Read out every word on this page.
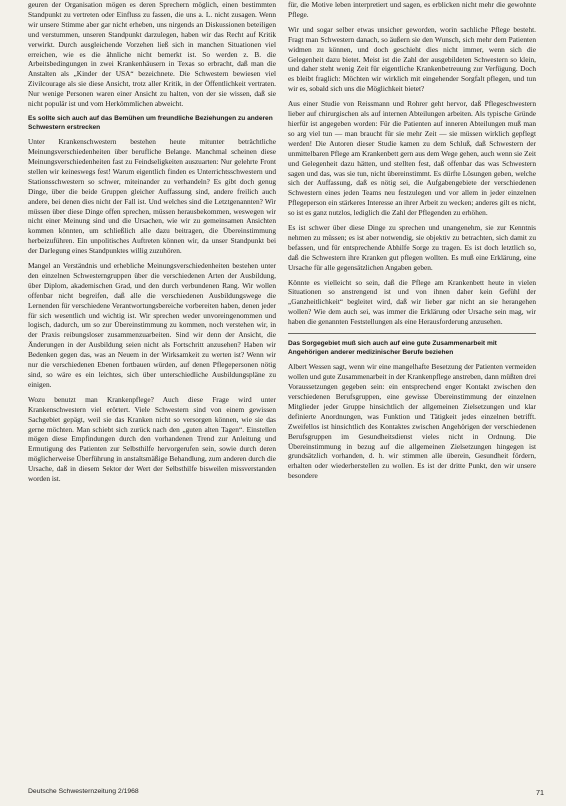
geuren der Organisation mögen es deren Sprechern möglich, einen bestimmten Standpunkt zu vertreten oder Einfluss zu fassen, die uns a. L. nicht zusagen. Wenn wir unsere Stimme aber gar nicht erheben, uns nirgends an Diskussionen beteiligen und verstummen, unseren Standpunkt darzulegen, haben wir das Recht auf Kritik verwirkt. Durch ausgleichende Vorzehen ließ sich in manchen Situationen viel erreichen, wie es die ähnliche nicht bemerkt ist. So werden z. B. die Arbeitsbedingungen in zwei Krankenhäusern in Texas so erbracht, daß man die Anstalten als „Kinder der USA“ bezeichnete. Die Schwestern bewiesen viel Zivilcourage als sie diese Ansicht, trotz aller Kritik, in der Öffentlichkeit vertraten. Nur wenige Personen waren einer Ansicht zu halten, von der sie wissen, daß sie nicht populär ist und vom Herkömmlichen abweicht.

Es sollte sich auch auf das Bemühen um freundliche Beziehungen zu anderen Schwestern erstrecken

Unter Krankenschwestern bestehen heute mitunter beträchtliche Meinungsverschiedenheiten über berufliche Belange. Manchmal scheinen diese Meinungsverschiedenheiten fast zu Feindseligkeiten auszuarten: Nur gelehrte Front stellen wir keineswegs fest! Warum eigentlich finden es Unterrichtsschwestern und Stationsschwestern so schwer, miteinander zu verhandeln? Es gibt doch genug Dinge, über die beide Gruppen gleicher Auffassung sind, andere freilich auch andere, bei denen dies nicht der Fall ist. Und welches sind die Letztgenannten? Wir müssen über diese Dinge offen sprechen, müssen herausbekommen, weswegen wir nicht einer Meinung sind und die Ursachen, wie wir zu gemeinsamen Ansichten kommen könnten, um schließlich alle dazu beitragen, die Übereinstimmung herbeizuführen. Ein unpolitisches Auftreten können wir, da unser Standpunkt bei der Darlegung eines Standpunktes willig zuzuhören.

Mangel an Verständnis und erhebliche Meinungsverschiedenheiten bestehen unter den einzelnen Schwesterngruppen über die verschiedenen Arten der Ausbildung, über Diplom, akademischen Grad, und den durch verbundenen Rang. Wir wollen offenbar nicht begreifen, daß alle die verschiedenen Ausbildungswege die Lernenden für verschiedene Verantwortungsbereiche vorbereiten haben, denen jeder für sich wesentlich und wichtig ist. Wir sprechen weder unvoreingenommen und logisch, dadurch, um so zur Übereinstimmung zu kommen, noch verstehen wir, in der Praxis reibungsloser zusammenzuarbeiten. Sind wir denn der Ansicht, die Änderungen in der Ausbildung seien nicht als Fortschritt anzusehen? Haben wir Bedenken gegen das, was an Neuem in der Wirksamkeit zu werten ist? Wenn wir nur die verschiedenen Ebenen fortbauen würden, auf denen Pflegepersonen nötig sind, so wäre es ein leichtes, sich über unterschiedliche Ausbildungspläne zu einigen.

Wozu benutzt man Krankenpflege? Auch diese Frage wird unter Krankenschwestern viel erörtert. Viele Schwestern sind von einem gewissen Sachgebiet gepägt, weil sie das Kranken nicht so versorgen können, wie sie das gerne möchten. Man schiebt sich zurück nach den „guten alten Tagen“. Einstellen mögen diese Empfindungen durch den vorhandenen Trend zur Anleitung und Ermutigung des Patienten zur Selbsthilfe hervorgerufen sein, sowie durch deren möglicherweise Überführung in anstaltsmäßige Behandlung, zum anderen durch die Ursache, daß in diesem Sektor der Wert der Selbsthilfe bisweilen missverstanden worden ist.

für, die Motive leben interpretiert und sagen, es erblicken nicht mehr die gewohnte Pflege.

Wir und sogar selber etwas unsicher geworden, worin sachliche Pflege besteht. Fragt man Schwestern danach, so äußern sie den Wunsch, sich mehr dem Patienten widmen zu können, und doch geschieht dies nicht immer, wenn sich die Gelegenheit dazu bietet. Meist ist die Zahl der ausgebildeten Schwestern so klein, und daher steht wenig Zeit für eigentliche Krankenbetreuung zur Verfügung. Doch es bleibt fraglich: Möchten wir wirklich mit eingehender Sorgfalt pflegen, und tun wir es, sobald sich uns die Möglichkeit bietet?

Aus einer Studie von Reissmann und Rohrer geht hervor, daß Pflegeschwestern lieber auf chirurgischen als auf internen Abteilungen arbeiten. Als typische Gründe hierfür ist angegeben worden: Für die Patienten auf inneren Abteilungen muß man so arg viel tun — man braucht für sie mehr Zeit — sie müssen wirklich gepflegt werden! Die Autoren dieser Studie kamen zu dem Schluß, daß Schwestern der unmittelbaren Pflege am Krankenbett gern aus dem Wege gehen, auch wenn sie Zeit und Gelegenheit dazu hätten, und stellten fest, daß offenbar das was Schwestern sagen und das, was sie tun, nicht übereinstimmt. Es dürfte Lösungen geben, welche sich der Auffassung, daß es nötig sei, die Aufgabengebiete der verschiedenen Schwestern eines jeden Teams neu festzulegen und vor allem in jeder einzelnen Pflegeperson ein stärkeres Interesse an ihrer Arbeit zu wecken; anderes gilt es nicht, so ist es ganz nutzlos, lediglich die Zahl der Pflegenden zu erhöhen.

Es ist schwer über diese Dinge zu sprechen und unangenehm, sie zur Kenntnis nehmen zu müssen; es ist aber notwendig, sie objektiv zu betrachten, sich damit zu befassen, und für entsprechende Abhilfe Sorge zu tragen. Es ist doch letztlich so, daß die Schwestern ihre Kranken gut pflegen wollten. Es muß eine Erklärung, eine Ursache für alle gegensätzlichen Angaben geben.

Könnte es vielleicht so sein, daß die Pflege am Krankenbett heute in vielen Situationen so anstrengend ist und von ihnen daher kein Gefühl der „Ganzheitlichkeit“ begleitet wird, daß wir lieber gar nicht an sie herangehen wollen? Wie dem auch sei, was immer die Erklärung oder Ursache sein mag, wir haben die genannten Feststellungen als eine Herausforderung anzusehen.

Das Sorgegebiet muß sich auch auf eine gute Zusammenarbeit mit Angehörigen anderer medizinischer Berufe beziehen

Albert Wessen sagt, wenn wir eine mangelhafte Besetzung der Patienten vermeiden wollen und gute Zusammenarbeit in der Krankenpflege anstreben, dann müßten drei Voraussetzungen gegeben sein: ein entsprechend enger Kontakt zwischen den verschiedenen Berufsgruppen, eine gewisse Übereinstimmung der einzelnen Mitglieder jeder Gruppe hinsichtlich der allgemeinen Zielsetzungen und klar definierte Anordnungen, was Funktion und Tätigkeit jedes einzelnen betrifft. Zweifellos ist hinsichtlich des Kontaktes zwischen Angehörigen der verschiedenen Berufsgruppen im Gesundheitsdienst vieles nicht in Ordnung. Die Übereinstimmung in bezug auf die allgemeinen Zielsetzungen hingegen ist grundsätzlich vorhanden, d. h. wir stimmen alle überein, Gesundheit fördern, erhalten oder wiederherstellen zu wollen. Es ist der dritte Punkt, den wir unsere besondere

Deutsche Schwesternzeitung 2/1968	71
